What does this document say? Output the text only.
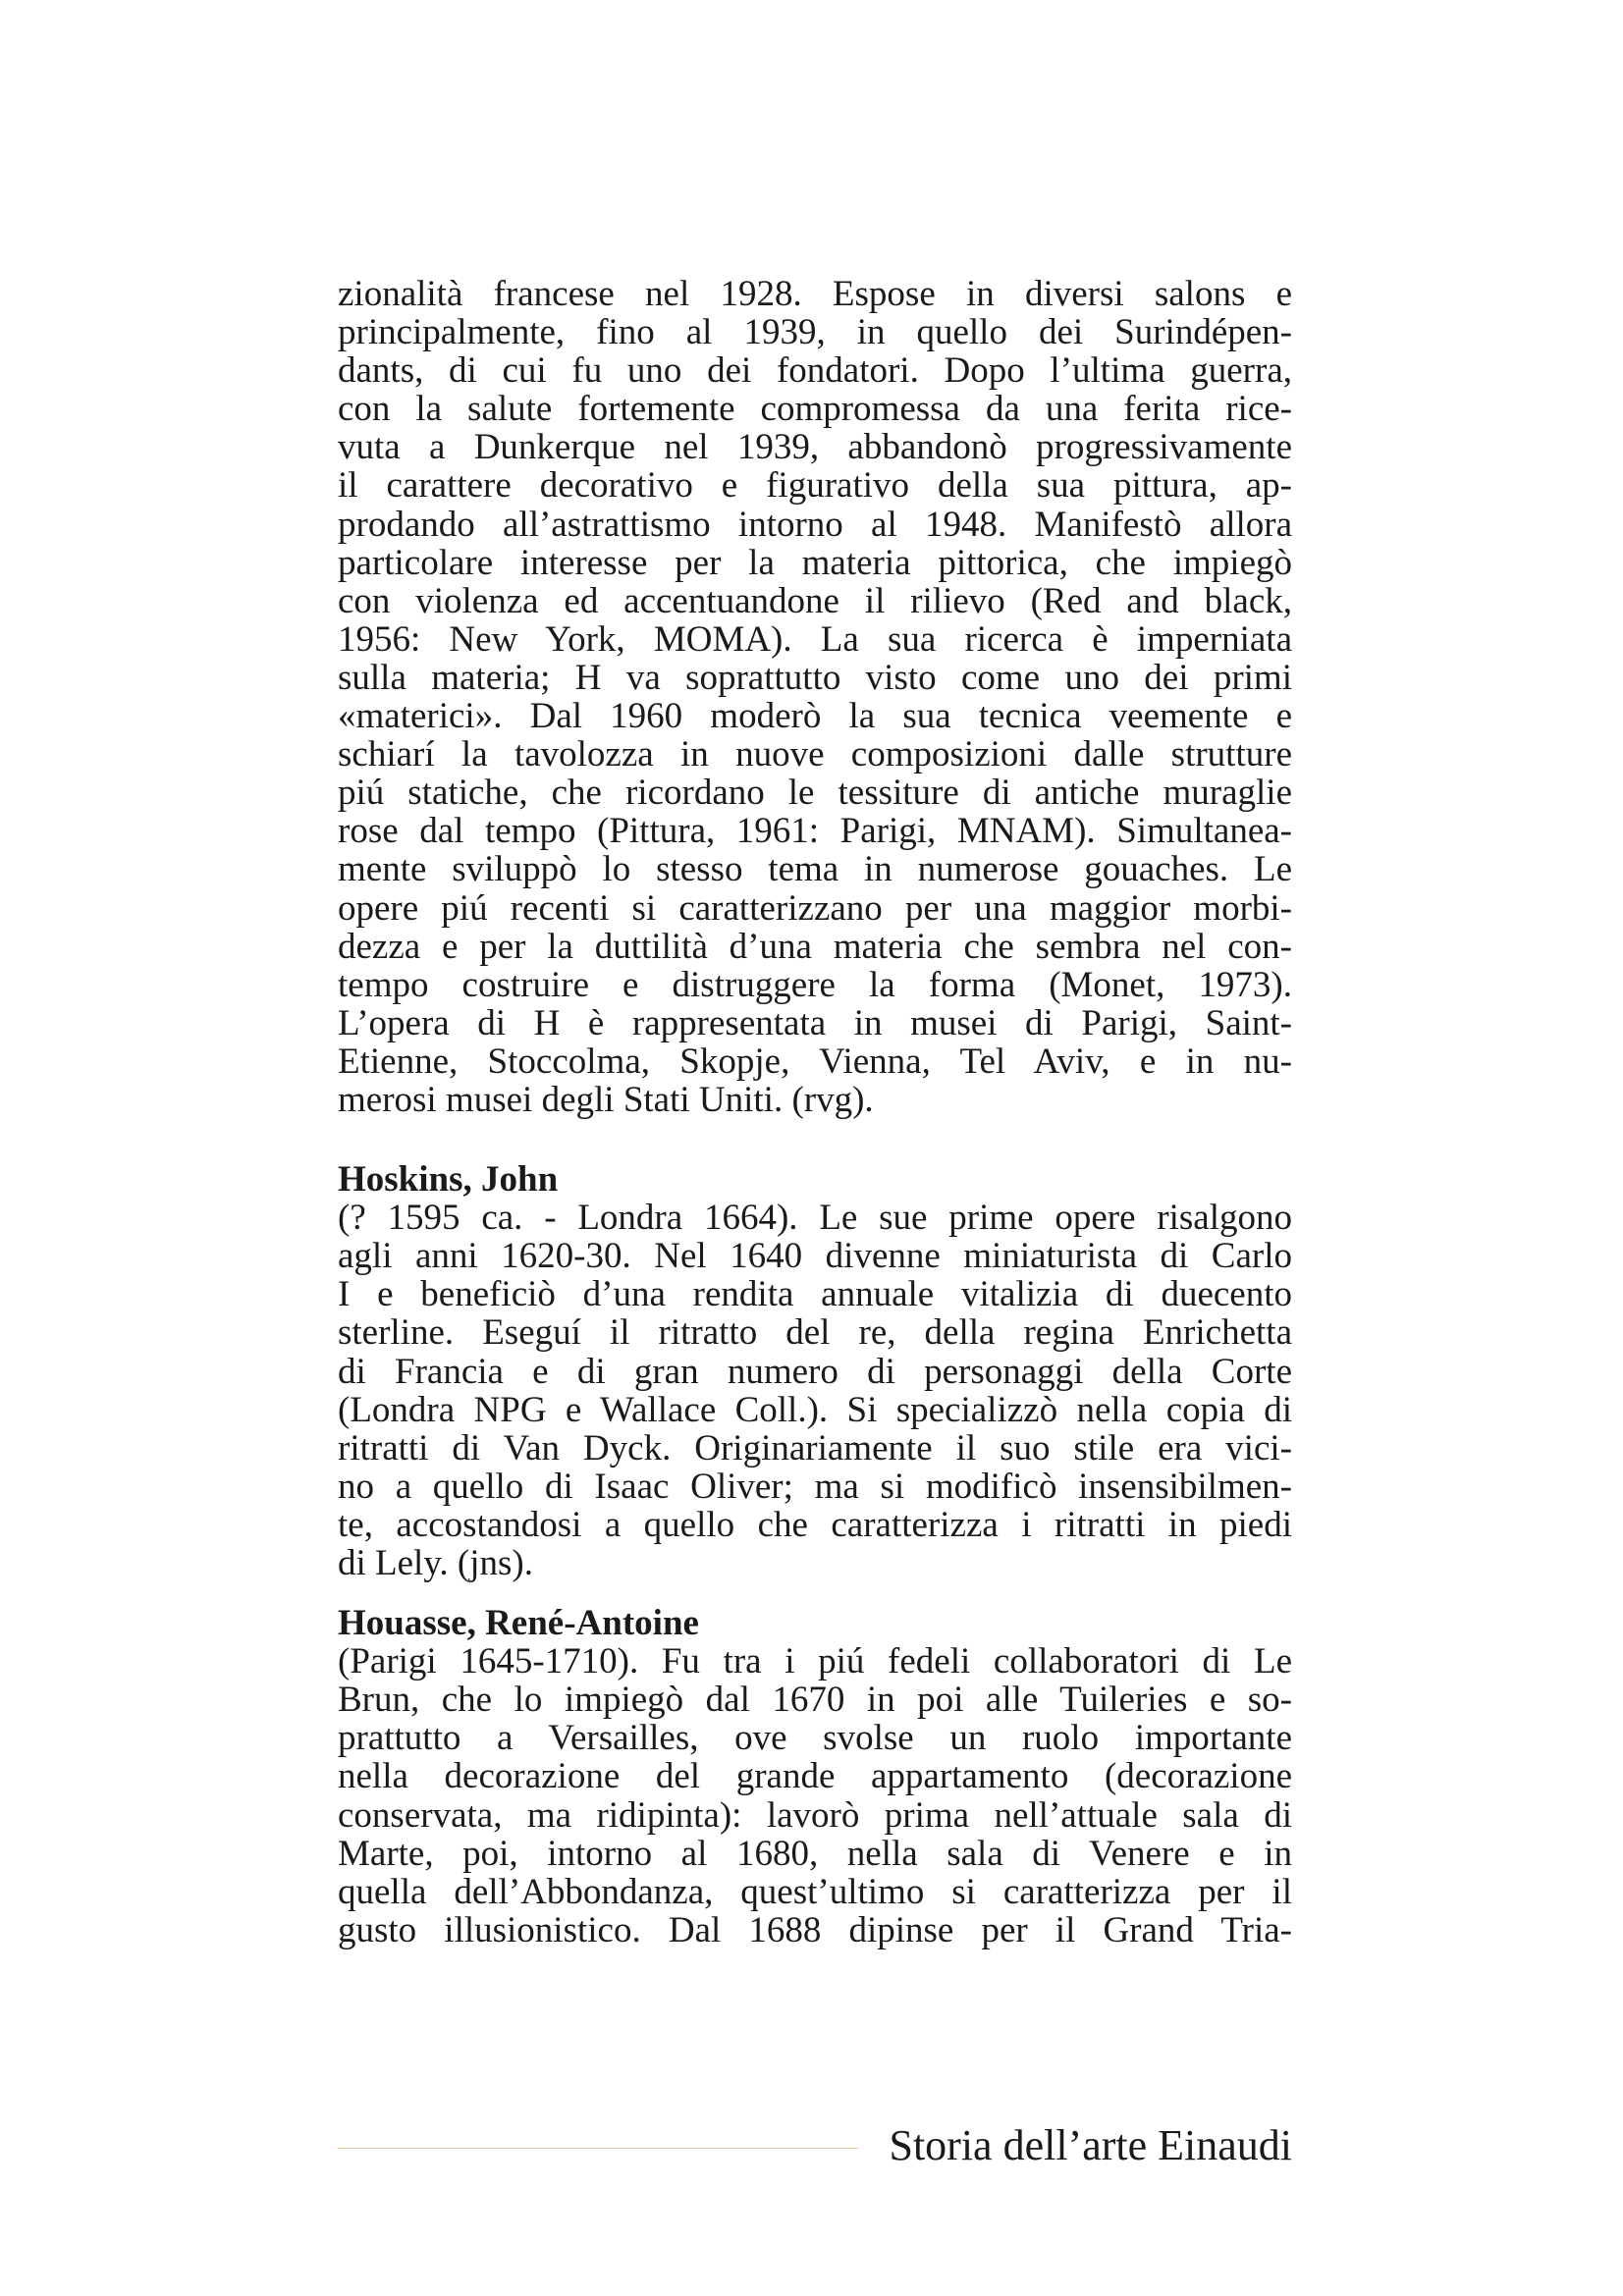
zionalità francese nel 1928. Espose in diversi salons e
principalmente, fino al 1939, in quello dei Surindépen-
dants, di cui fu uno dei fondatori. Dopo l’ultima guerra,
con la salute fortemente compromessa da una ferita rice-
vuta a Dunkerque nel 1939, abbandonò progressivamente
il carattere decorativo e figurativo della sua pittura, ap-
prodando all’astrattismo intorno al 1948. Manifestò allora
particolare interesse per la materia pittorica, che impiegò
con violenza ed accentuandone il rilievo (Red and black,
1956: New York, MOMA). La sua ricerca è imperniata
sulla materia; H va soprattutto visto come uno dei primi
«materici». Dal 1960 moderò la sua tecnica veemente e
schiarí la tavolozza in nuove composizioni dalle strutture
piú statiche, che ricordano le tessiture di antiche muraglie
rose dal tempo (Pittura, 1961: Parigi, MNAM). Simultanea-
mente sviluppò lo stesso tema in numerose gouaches. Le
opere piú recenti si caratterizzano per una maggior morbi-
dezza e per la duttilità d’una materia che sembra nel con-
tempo costruire e distruggere la forma (Monet, 1973).
L’opera di H è rappresentata in musei di Parigi, Saint-
Etienne, Stoccolma, Skopje, Vienna, Tel Aviv, e in nu-
merosi musei degli Stati Uniti. (rvg).
Hoskins, John
(? 1595 ca. - Londra 1664). Le sue prime opere risalgono
agli anni 1620-30. Nel 1640 divenne miniaturista di Carlo
I e beneficiò d’una rendita annuale vitalizia di duecento
sterline. Eseguí il ritratto del re, della regina Enrichetta
di Francia e di gran numero di personaggi della Corte
(Londra NPG e Wallace Coll.). Si specializzò nella copia di
ritratti di Van Dyck. Originariamente il suo stile era vici-
no a quello di Isaac Oliver; ma si modificò insensibilmen-
te, accostandosi a quello che caratterizza i ritratti in piedi
di Lely. (jns).
Houasse, René-Antoine
(Parigi 1645-1710). Fu tra i piú fedeli collaboratori di Le
Brun, che lo impiegò dal 1670 in poi alle Tuileries e so-
prattutto a Versailles, ove svolse un ruolo importante
nella decorazione del grande appartamento (decorazione
conservata, ma ridipinta): lavorò prima nell’attuale sala di
Marte, poi, intorno al 1680, nella sala di Venere e in
quella dell’Abbondanza, quest’ultimo si caratterizza per il
gusto illusionistico. Dal 1688 dipinse per il Grand Tria-
Storia dell’arte Einaudi
